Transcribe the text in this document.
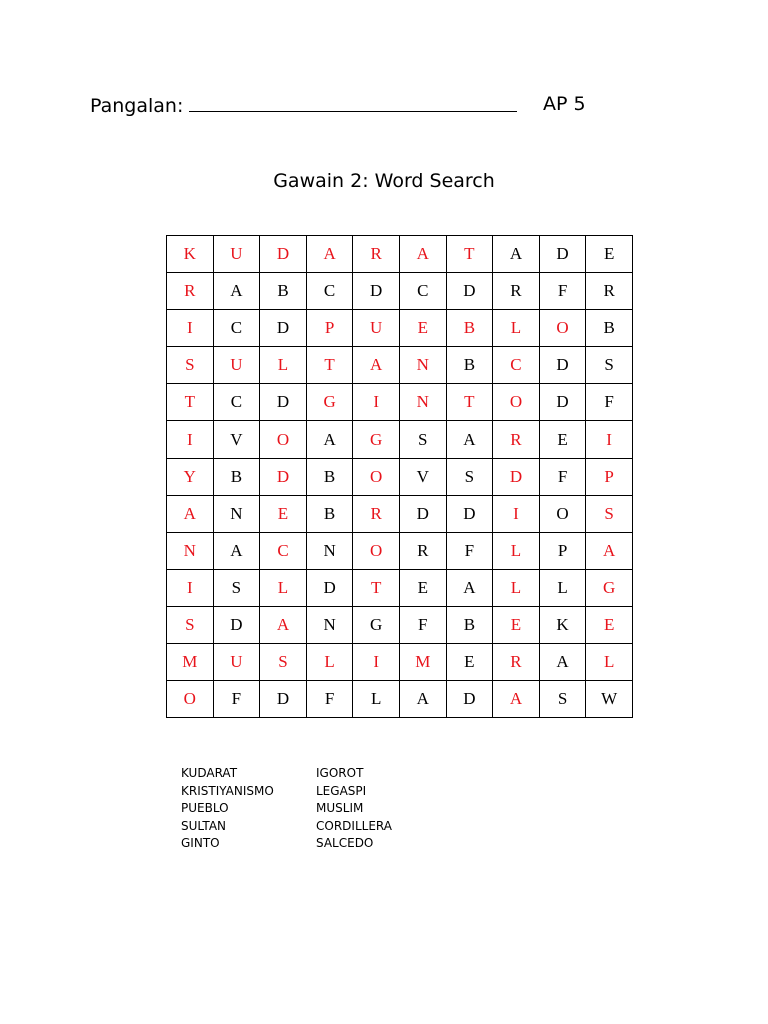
Pangalan:	AP 5
Gawain 2: Word Search
K	U	D	A	R	A	T	A	D	E
R	A	B	C	D	C	D	R	F	R
I	C	D	P	U	E	B	L	O	B
S	U	L	T	A	N	B	C	D	S
T	C	D	G	I	N	T	O	D	F
I	V	O	A	G	S	A	R	E	I
Y	B	D	B	O	V	S	D	F	P
A	N	E	B	R	D	D	I	O	S
N	A	C	N	O	R	F	L	P	A
I	S	L	D	T	E	A	L	L	G
S	D	A	N	G	F	B	E	K	E
M	U	S	L	I	M	E	R	A	L
O	F	D	F	L	A	D	A	S	W
KUDARAT
KRISTIYANISMO
PUEBLO
SULTAN
GINTO
IGOROT
LEGASPI
MUSLIM
CORDILLERA
SALCEDO
